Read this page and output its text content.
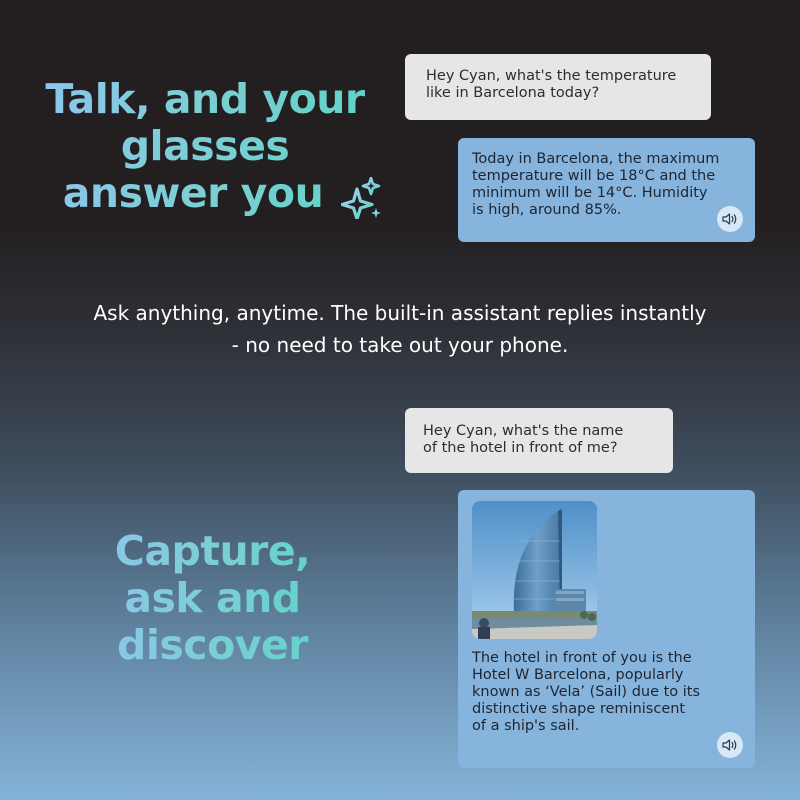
Talk, and your
glasses
answer you
Hey Cyan, what's the temperature
like in Barcelona today?
Today in Barcelona, the maximum
temperature will be 18°C and the
minimum will be 14°C. Humidity
is high, around 85%.

Ask anything, anytime. The built-in assistant replies instantly
- no need to take out your phone.

Hey Cyan, what's the name
of the hotel in front of me?
The hotel in front of you is the
Hotel W Barcelona, popularly
known as ‘Vela’ (Sail) due to its
distinctive shape reminiscent
of a ship's sail.
Capture,
ask and
discover
